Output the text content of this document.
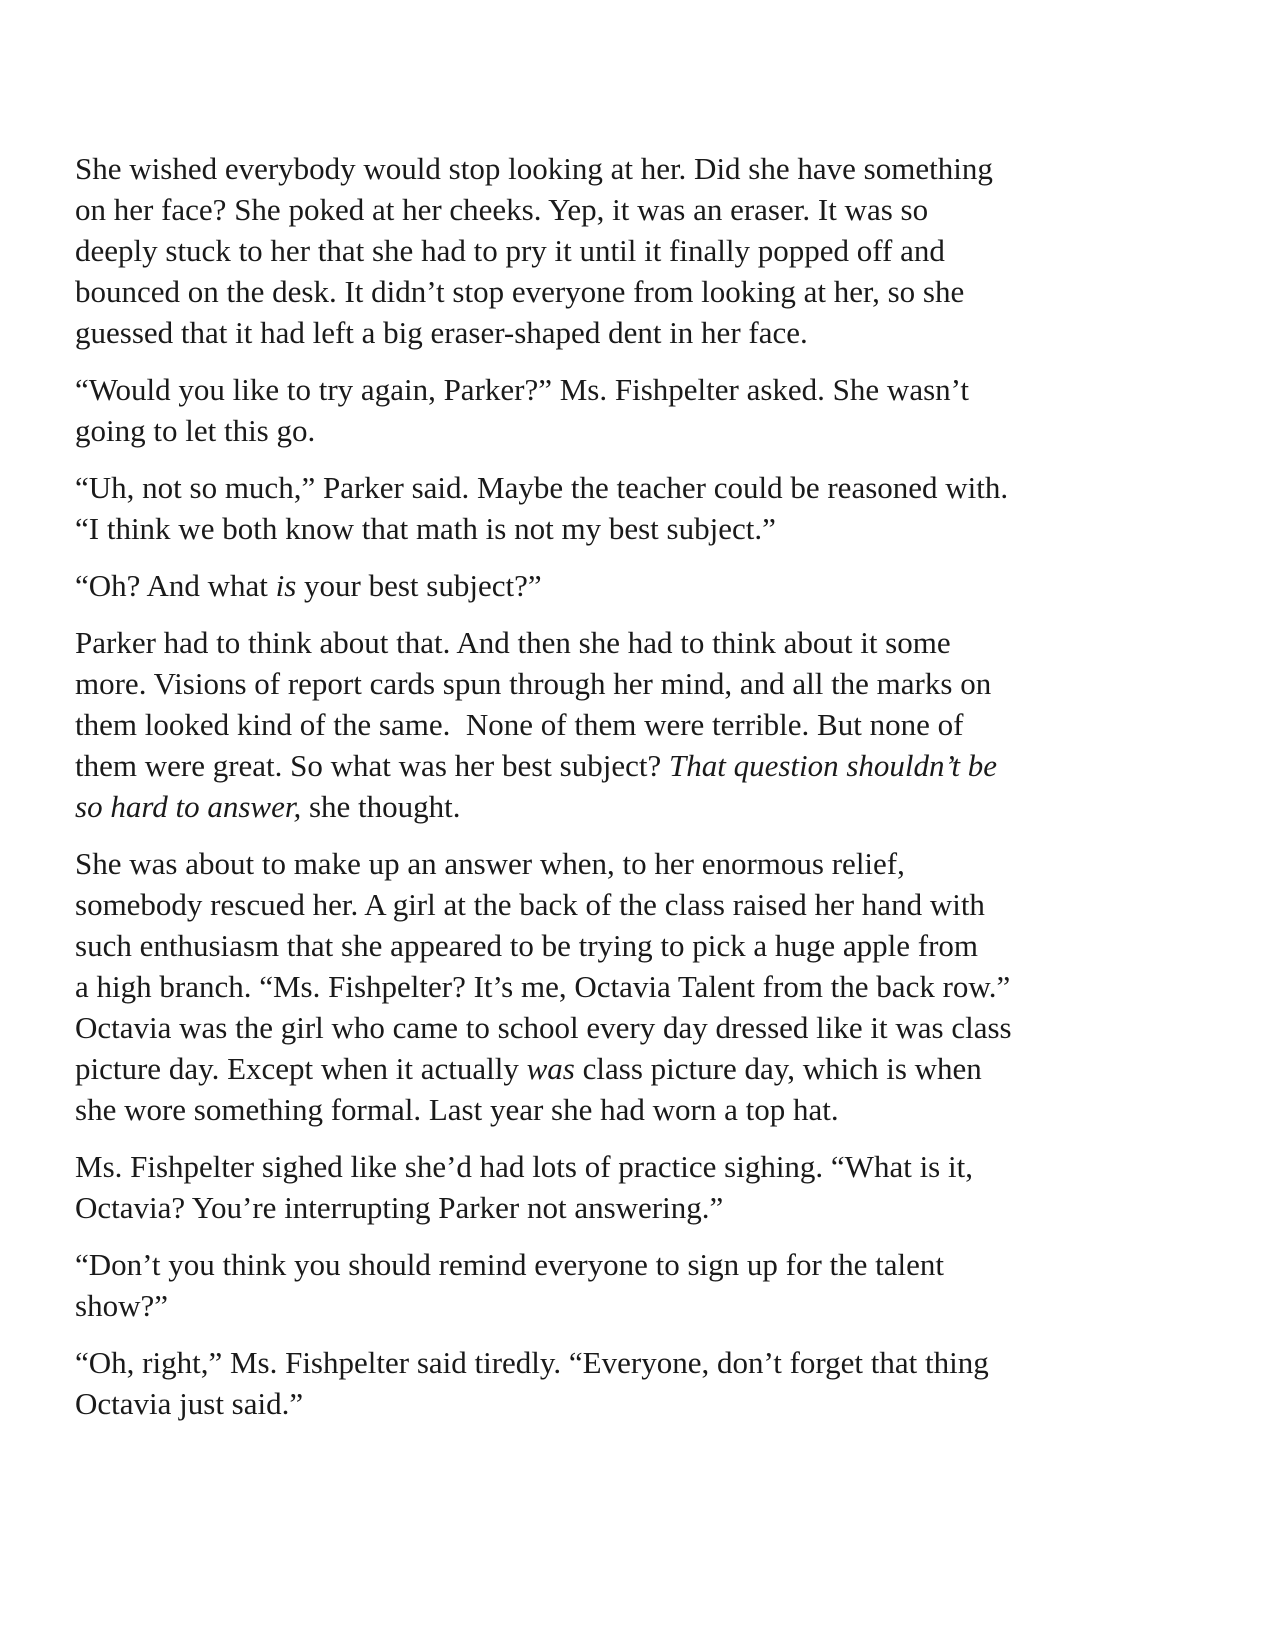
She wished everybody would stop looking at her. Did she have something
on her face? She poked at her cheeks. Yep, it was an eraser. It was so
deeply stuck to her that she had to pry it until it finally popped off and
bounced on the desk. It didn’t stop everyone from looking at her, so she
guessed that it had left a big eraser-shaped dent in her face.

“Would you like to try again, Parker?” Ms. Fishpelter asked. She wasn’t
going to let this go.

“Uh, not so much,” Parker said. Maybe the teacher could be reasoned with.
“I think we both know that math is not my best subject.”

“Oh? And what is your best subject?”

Parker had to think about that. And then she had to think about it some
more. Visions of report cards spun through her mind, and all the marks on
them looked kind of the same.  None of them were terrible. But none of
them were great. So what was her best subject? That question shouldn’t be
so hard to answer, she thought.

She was about to make up an answer when, to her enormous relief,
somebody rescued her. A girl at the back of the class raised her hand with
such enthusiasm that she appeared to be trying to pick a huge apple from
a high branch. “Ms. Fishpelter? It’s me, Octavia Talent from the back row.”
Octavia was the girl who came to school every day dressed like it was class
picture day. Except when it actually was class picture day, which is when
she wore something formal. Last year she had worn a top hat.

Ms. Fishpelter sighed like she’d had lots of practice sighing. “What is it,
Octavia? You’re interrupting Parker not answering.”

“Don’t you think you should remind everyone to sign up for the talent
show?”

“Oh, right,” Ms. Fishpelter said tiredly. “Everyone, don’t forget that thing
Octavia just said.”
